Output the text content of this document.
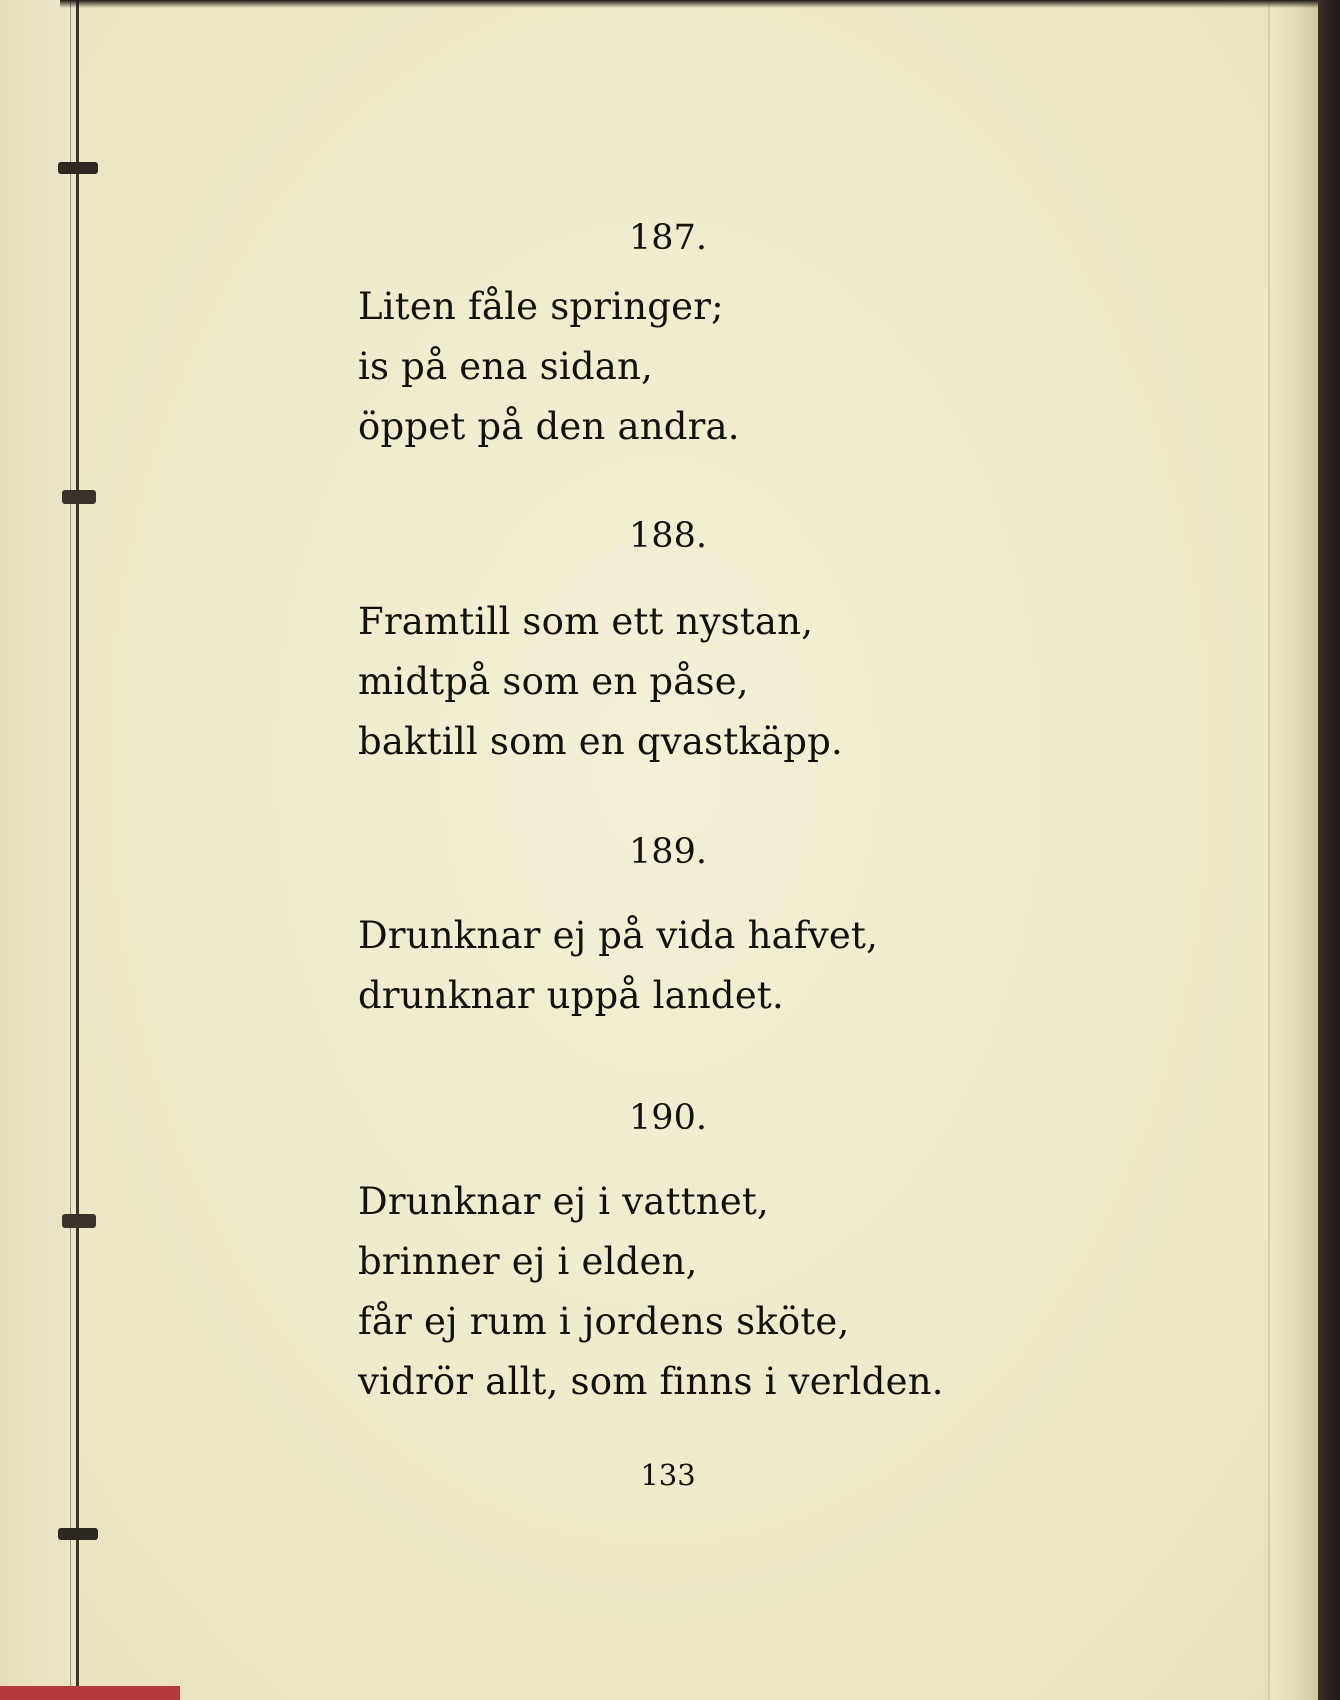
187.
Liten fåle springer;
is på ena sidan,
öppet på den andra.
188.
Framtill som ett nystan,
midtpå som en påse,
baktill som en qvastkäpp.
189.
Drunknar ej på vida hafvet,
drunknar uppå landet.
190.
Drunknar ej i vattnet,
brinner ej i elden,
får ej rum i jordens sköte,
vidrör allt, som finns i verlden.
133
